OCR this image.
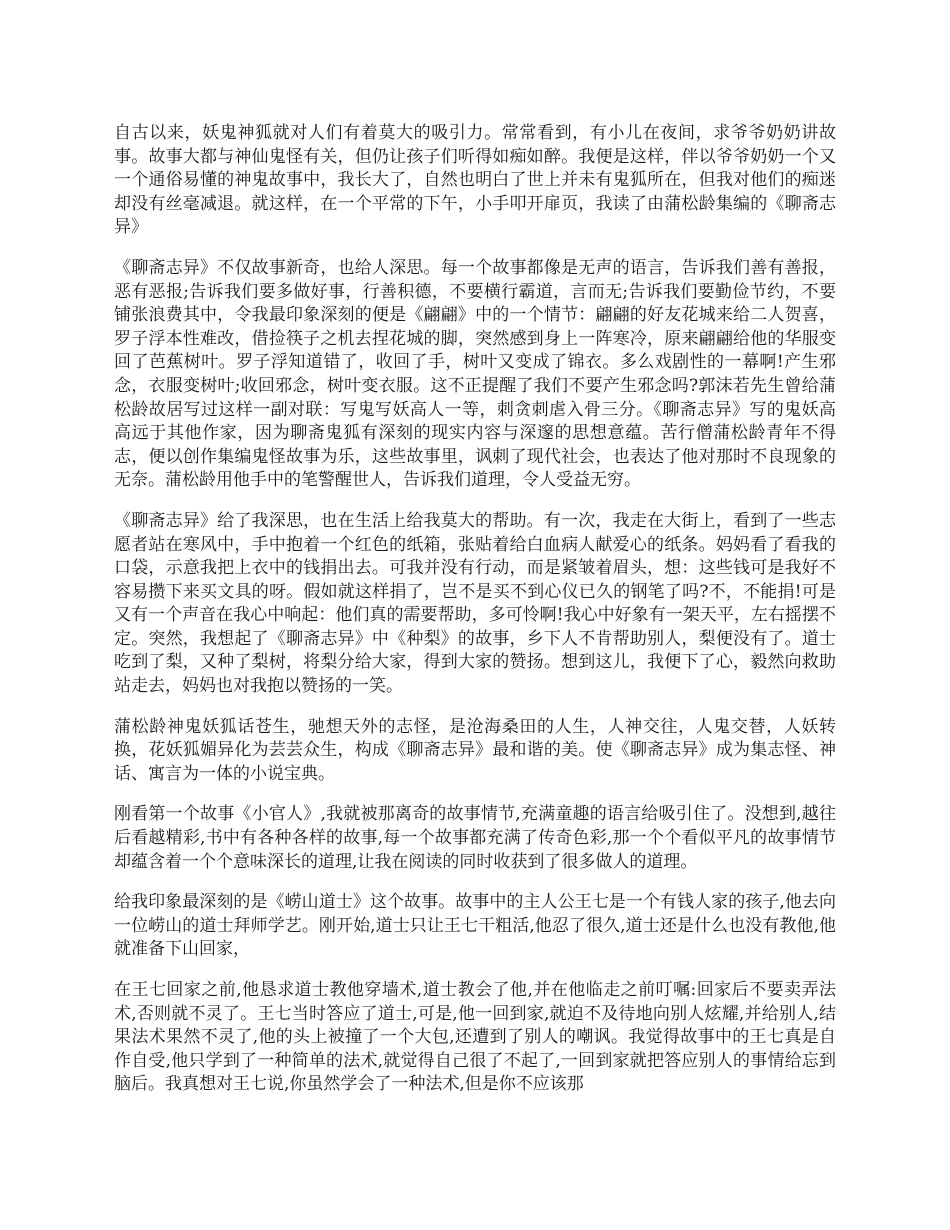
自古以来，妖鬼神狐就对人们有着莫大的吸引力。常常看到，有小儿在夜间，求爷爷奶奶讲故事。故事大都与神仙鬼怪有关，但仍让孩子们听得如痴如醉。我便是这样，伴以爷爷奶奶一个又一个通俗易懂的神鬼故事中，我长大了，自然也明白了世上并未有鬼狐所在，但我对他们的痴迷却没有丝毫减退。就这样，在一个平常的下午，小手叩开扉页，我读了由蒲松龄集编的《聊斋志异》

《聊斋志异》不仅故事新奇，也给人深思。每一个故事都像是无声的语言，告诉我们善有善报，恶有恶报;告诉我们要多做好事，行善积德，不要横行霸道，言而无;告诉我们要勤俭节约，不要铺张浪费其中，令我最印象深刻的便是《翩翩》中的一个情节：翩翩的好友花城来给二人贺喜，罗子浮本性难改，借捡筷子之机去捏花城的脚，突然感到身上一阵寒冷，原来翩翩给他的华服变回了芭蕉树叶。罗子浮知道错了，收回了手，树叶又变成了锦衣。多么戏剧性的一幕啊!产生邪念，衣服变树叶;收回邪念，树叶变衣服。这不正提醒了我们不要产生邪念吗?郭沫若先生曾给蒲松龄故居写过这样一副对联：写鬼写妖高人一等，刺贪刺虐入骨三分。《聊斋志异》写的鬼妖高高远于其他作家，因为聊斋鬼狐有深刻的现实内容与深邃的思想意蕴。苦行僧蒲松龄青年不得志，便以创作集编鬼怪故事为乐，这些故事里，讽刺了现代社会，也表达了他对那时不良现象的无奈。蒲松龄用他手中的笔警醒世人，告诉我们道理，令人受益无穷。

《聊斋志异》给了我深思，也在生活上给我莫大的帮助。有一次，我走在大街上，看到了一些志愿者站在寒风中，手中抱着一个红色的纸箱，张贴着给白血病人献爱心的纸条。妈妈看了看我的口袋，示意我把上衣中的钱捐出去。可我并没有行动，而是紧皱着眉头，想：这些钱可是我好不容易攒下来买文具的呀。假如就这样捐了，岂不是买不到心仪已久的钢笔了吗?不，不能捐!可是又有一个声音在我心中响起：他们真的需要帮助，多可怜啊!我心中好象有一架天平，左右摇摆不定。突然，我想起了《聊斋志异》中《种梨》的故事，乡下人不肯帮助别人，梨便没有了。道士吃到了梨，又种了梨树，将梨分给大家，得到大家的赞扬。想到这儿，我便下了心，毅然向救助站走去，妈妈也对我抱以赞扬的一笑。

蒲松龄神鬼妖狐话苍生，驰想天外的志怪，是沧海桑田的人生，人神交往，人鬼交替，人妖转换，花妖狐媚异化为芸芸众生，构成《聊斋志异》最和谐的美。使《聊斋志异》成为集志怪、神话、寓言为一体的小说宝典。

刚看第一个故事《小官人》,我就被那离奇的故事情节,充满童趣的语言给吸引住了。没想到,越往后看越精彩,书中有各种各样的故事,每一个故事都充满了传奇色彩,那一个个看似平凡的故事情节却蕴含着一个个意味深长的道理,让我在阅读的同时收获到了很多做人的道理。

给我印象最深刻的是《崂山道士》这个故事。故事中的主人公王七是一个有钱人家的孩子,他去向一位崂山的道士拜师学艺。刚开始,道士只让王七干粗活,他忍了很久,道士还是什么也没有教他,他就准备下山回家，

在王七回家之前,他恳求道士教他穿墙术,道士教会了他,并在他临走之前叮嘱:回家后不要卖弄法术,否则就不灵了。王七当时答应了道士,可是,他一回到家,就迫不及待地向别人炫耀,并给别人,结果法术果然不灵了,他的头上被撞了一个大包,还遭到了别人的嘲讽。我觉得故事中的王七真是自作自受,他只学到了一种简单的法术,就觉得自己很了不起了,一回到家就把答应别人的事情给忘到脑后。我真想对王七说,你虽然学会了一种法术,但是你不应该那
